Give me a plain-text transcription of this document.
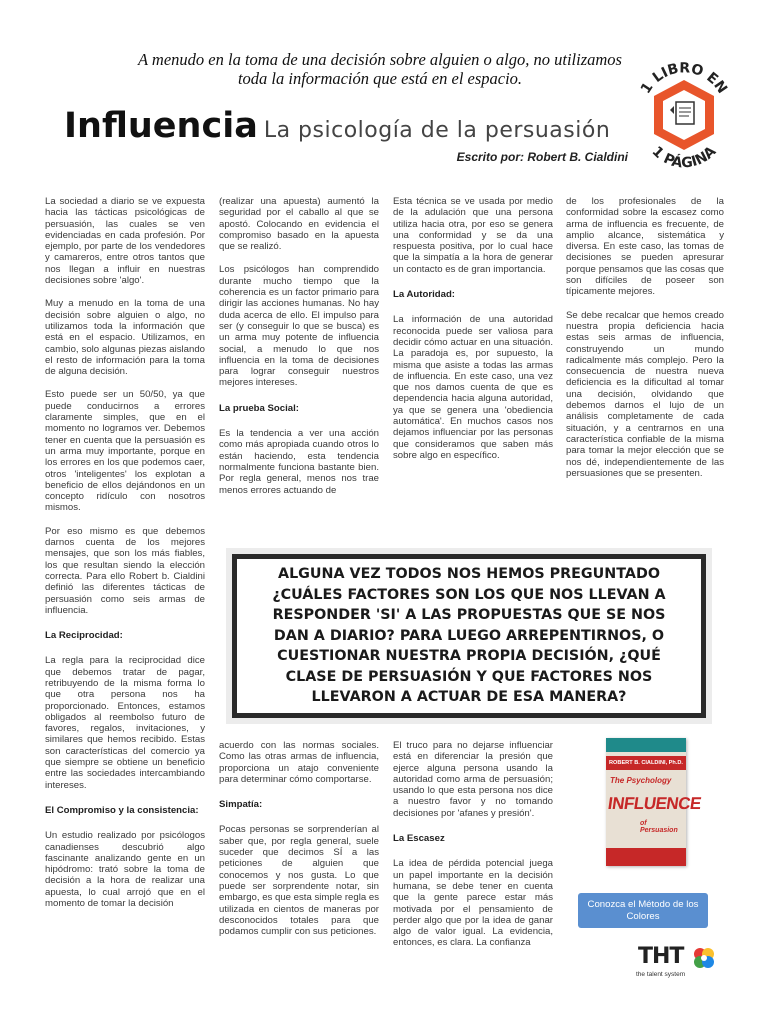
A menudo en la toma de una decisión sobre alguien o algo, no utilizamos toda la información que está en el espacio.
Influencia La psicología de la persuasión
Escrito por: Robert B. Cialdini
1 LIBRO EN
1 PÁGINA

La sociedad a diario se ve expuesta hacia las tácticas psicológicas de persuasión, las cuales se ven evidenciadas en cada profesión. Por ejemplo, por parte de los vendedores y camareros, entre otros tantos que nos llegan a influir en nuestras decisiones sobre 'algo'.

Muy a menudo en la toma de una decisión sobre alguien o algo, no utilizamos toda la información que está en el espacio. Utilizamos, en cambio, solo algunas piezas aislando el resto de información para la toma de alguna decisión.

Esto puede ser un 50/50, ya que puede conducirnos a errores claramente simples, que en el momento no logramos ver. Debemos tener en cuenta que la persuasión es un arma muy importante, porque en los errores en los que podemos caer, otros 'inteligentes' los explotan a beneficio de ellos dejándonos en un concepto ridículo con nosotros mismos.

Por eso mismo es que debemos darnos cuenta de los mejores mensajes, que son los más fiables, los que resultan siendo la elección correcta. Para ello Robert b. Cialdini definió las diferentes tácticas de persuasión como seis armas de influencia.

La Reciprocidad:

La regla para la reciprocidad dice que debemos tratar de pagar, retribuyendo de la misma forma lo que otra persona nos ha proporcionado. Entonces, estamos obligados al reembolso futuro de favores, regalos, invitaciones, y similares que hemos recibido. Estas son características del comercio ya que siempre se obtiene un beneficio entre las sociedades intercambiando intereses.

El Compromiso y la consistencia:

Un estudio realizado por psicólogos canadienses descubrió algo fascinante analizando gente en un hipódromo: trató sobre la toma de decisión a la hora de realizar una apuesta, lo cual arrojó que en el momento de tomar la decisión

(realizar una apuesta) aumentó la seguridad por el caballo al que se apostó. Colocando en evidencia el compromiso basado en la apuesta que se realizó.

Los psicólogos han comprendido durante mucho tiempo que la coherencia es un factor primario para dirigir las acciones humanas. No hay duda acerca de ello. El impulso para ser (y conseguir lo que se busca) es un arma muy potente de influencia social, a menudo lo que nos influencia en la toma de decisiones para lograr conseguir nuestros mejores intereses.

La prueba Social:

Es la tendencia a ver una acción como más apropiada cuando otros lo están haciendo, esta tendencia normalmente funciona bastante bien. Por regla general, menos nos trae menos errores actuando de

Esta técnica se ve usada por medio de la adulación que una persona utiliza hacia otra, por eso se genera una conformidad y se da una respuesta positiva, por lo cual hace que la simpatía a la hora de generar un contacto es de gran importancia.

La Autoridad:

La información de una autoridad reconocida puede ser valiosa para decidir cómo actuar en una situación. La paradoja es, por supuesto, la misma que asiste a todas las armas de influencia. En este caso, una vez que nos damos cuenta de que es dependencia hacia alguna autoridad, ya que se genera una 'obediencia automática'. En muchos casos nos dejamos influenciar por las personas que consideramos que saben más sobre algo en específico.

de los profesionales de la conformidad sobre la escasez como arma de influencia es frecuente, de amplio alcance, sistemática y diversa. En este caso, las tomas de decisiones se pueden apresurar porque pensamos que las cosas que son difíciles de poseer son típicamente mejores.

Se debe recalcar que hemos creado nuestra propia deficiencia hacia estas seis armas de influencia, construyendo un mundo radicalmente más complejo. Pero la consecuencia de nuestra nueva deficiencia es la dificultad al tomar una decisión, olvidando que debemos darnos el lujo de un análisis completamente de cada situación, y a centrarnos en una característica confiable de la misma para tomar la mejor elección que se nos dé, independientemente de las persuasiones que se presenten.

ALGUNA VEZ TODOS NOS HEMOS PREGUNTADO ¿CUÁLES FACTORES SON LOS QUE NOS LLEVAN A RESPONDER 'SI' A LAS PROPUESTAS QUE SE NOS DAN A DIARIO? PARA LUEGO ARREPENTIRNOS, O CUESTIONAR NUESTRA PROPIA DECISIÓN, ¿QUÉ CLASE DE PERSUASIÓN Y QUE FACTORES NOS LLEVARON A ACTUAR DE ESA MANERA?

acuerdo con las normas sociales. Como las otras armas de influencia, proporciona un atajo conveniente para determinar cómo comportarse.

Simpatía:

Pocas personas se sorprenderían al saber que, por regla general, suele suceder que decimos SÍ a las peticiones de alguien que conocemos y nos gusta. Lo que puede ser sorprendente notar, sin embargo, es que esta simple regla es utilizada en cientos de maneras por desconocidos totales para que podamos cumplir con sus peticiones.

El truco para no dejarse influenciar está en diferenciar la presión que ejerce alguna persona usando la autoridad como arma de persuasión; usando lo que esta persona nos dice a nuestro favor y no tomando decisiones por 'afanes y presión'.

La Escasez

La idea de pérdida potencial juega un papel importante en la decisión humana, se debe tener en cuenta que la gente parece estar más motivada por el pensamiento de perder algo que por la idea de ganar algo de valor igual. La evidencia, entonces, es clara. La confianza

ROBERT B. CIALDINI, Ph.D.
The Psychology
INFLUENCE
of Persuasion
Conozca el Método de los Colores
THT
the talent system
